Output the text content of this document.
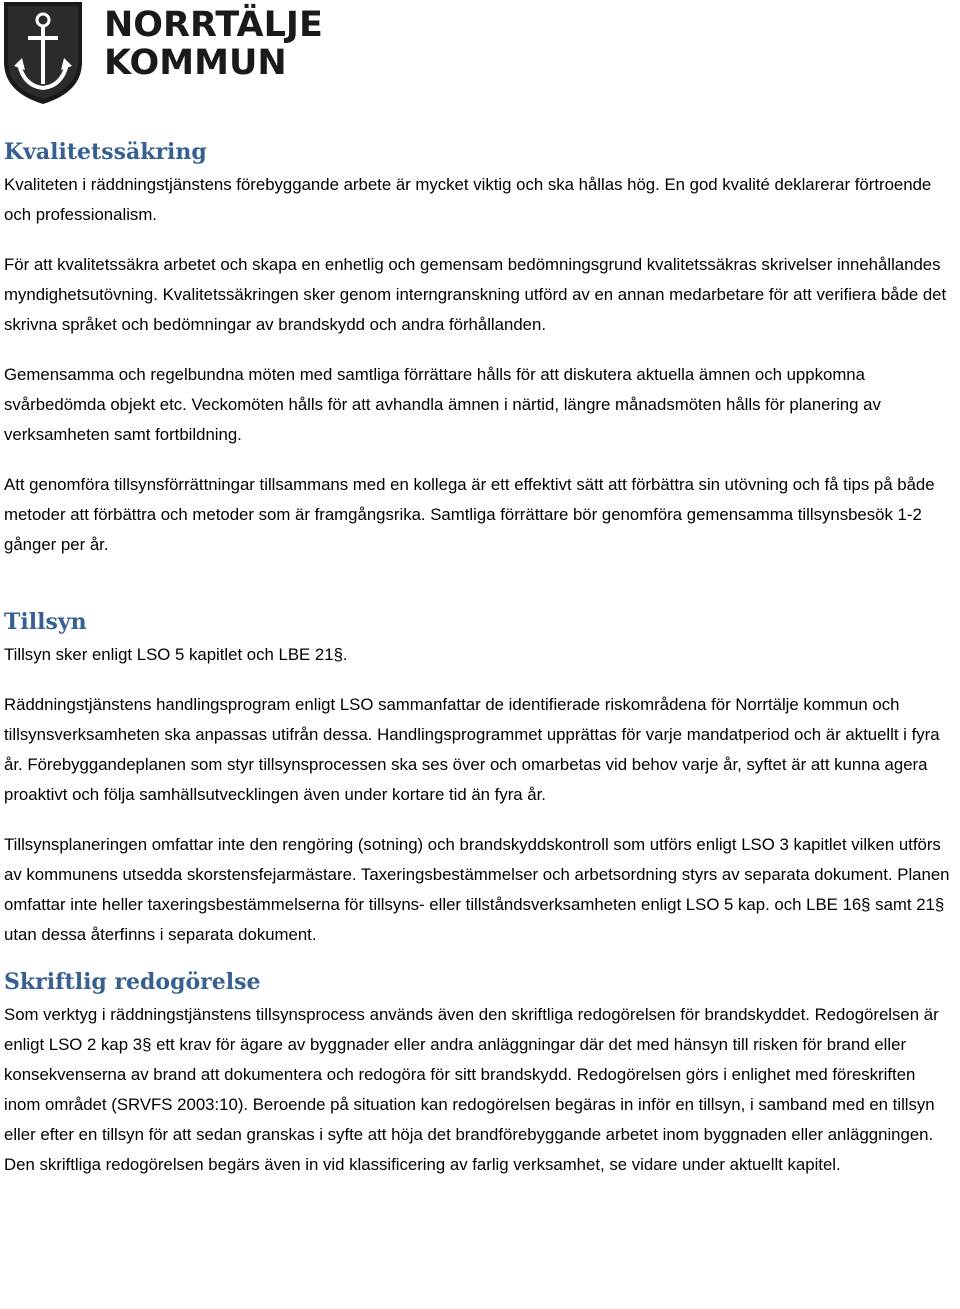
NORRTÄLJE
KOMMUN
Kvalitetssäkring

Kvaliteten i räddningstjänstens förebyggande arbete är mycket viktig och ska hållas hög. En god kvalité deklarerar förtroende och professionalism.

För att kvalitetssäkra arbetet och skapa en enhetlig och gemensam bedömningsgrund kvalitetssäkras skrivelser innehållandes myndighetsutövning. Kvalitetssäkringen sker genom interngranskning utförd av en annan medarbetare för att verifiera både det skrivna språket och bedömningar av brandskydd och andra förhållanden.

Gemensamma och regelbundna möten med samtliga förrättare hålls för att diskutera aktuella ämnen och uppkomna svårbedömda objekt etc. Veckomöten hålls för att avhandla ämnen i närtid, längre månadsmöten hålls för planering av verksamheten samt fortbildning.

Att genomföra tillsynsförrättningar tillsammans med en kollega är ett effektivt sätt att förbättra sin utövning och få tips på både metoder att förbättra och metoder som är framgångsrika. Samtliga förrättare bör genomföra gemensamma tillsynsbesök 1-2 gånger per år.

Tillsyn

Tillsyn sker enligt LSO 5 kapitlet och LBE 21§.

Räddningstjänstens handlingsprogram enligt LSO sammanfattar de identifierade riskområdena för Norrtälje kommun och tillsynsverksamheten ska anpassas utifrån dessa. Handlingsprogrammet upprättas för varje mandatperiod och är aktuellt i fyra år. Förebyggandeplanen som styr tillsynsprocessen ska ses över och omarbetas vid behov varje år, syftet är att kunna agera proaktivt och följa samhällsutvecklingen även under kortare tid än fyra år.

Tillsynsplaneringen omfattar inte den rengöring (sotning) och brandskyddskontroll som utförs enligt LSO 3 kapitlet vilken utförs av kommunens utsedda skorstensfejarmästare. Taxeringsbestämmelser och arbetsordning styrs av separata dokument. Planen omfattar inte heller taxeringsbestämmelserna för tillsyns- eller tillståndsverksamheten enligt LSO 5 kap. och LBE 16§ samt 21§ utan dessa återfinns i separata dokument.

Skriftlig redogörelse

Som verktyg i räddningstjänstens tillsynsprocess används även den skriftliga redogörelsen för brandskyddet. Redogörelsen är enligt LSO 2 kap 3§ ett krav för ägare av byggnader eller andra anläggningar där det med hänsyn till risken för brand eller konsekvenserna av brand att dokumentera och redogöra för sitt brandskydd. Redogörelsen görs i enlighet med föreskriften inom området (SRVFS 2003:10). Beroende på situation kan redogörelsen begäras in inför en tillsyn, i samband med en tillsyn eller efter en tillsyn för att sedan granskas i syfte att höja det brandförebyggande arbetet inom byggnaden eller anläggningen. Den skriftliga redogörelsen begärs även in vid klassificering av farlig verksamhet, se vidare under aktuellt kapitel.
